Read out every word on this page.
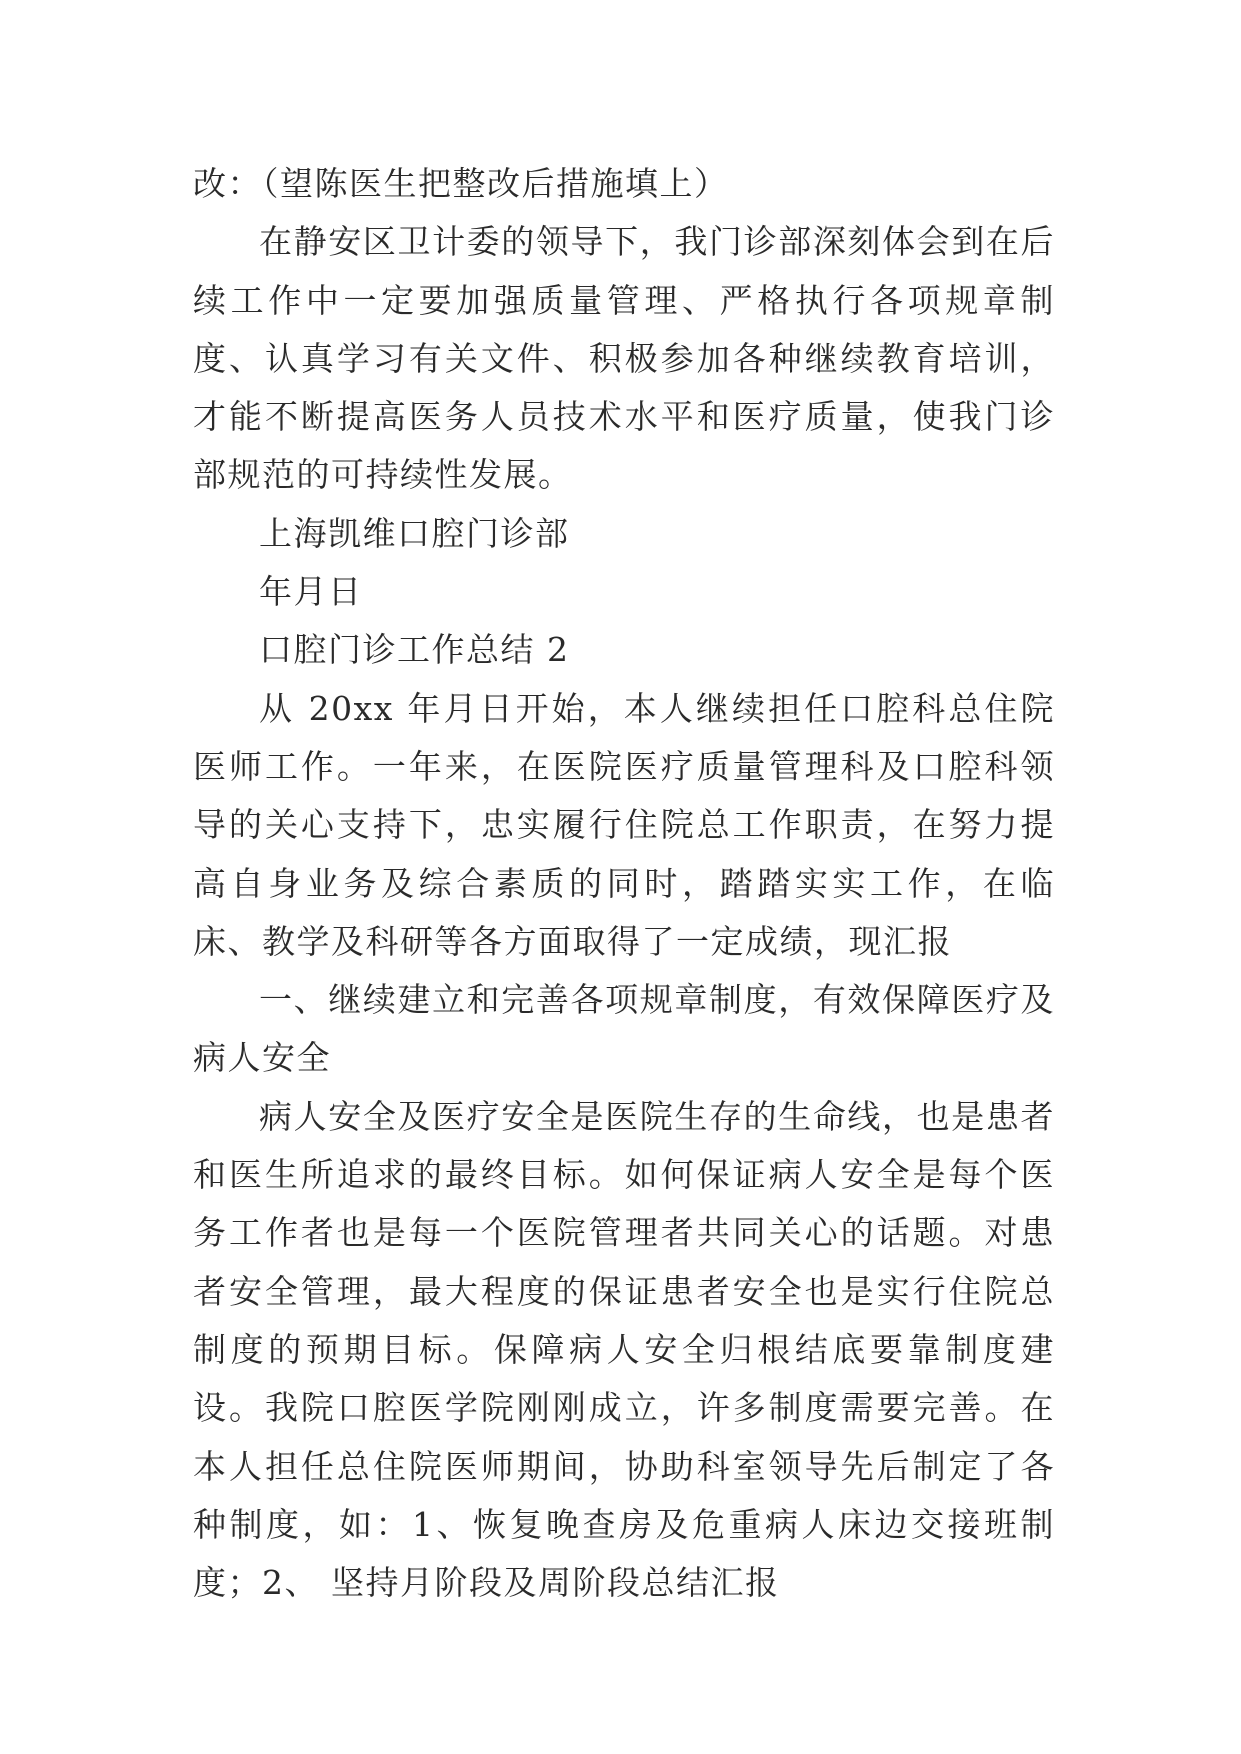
改：（望陈医生把整改后措施填上）

在静安区卫计委的领导下，我门诊部深刻体会到在后续工作中一定要加强质量管理、严格执行各项规章制度、认真学习有关文件、积极参加各种继续教育培训，才能不断提高医务人员技术水平和医疗质量，使我门诊部规范的可持续性发展。

上海凯维口腔门诊部

年月日

口腔门诊工作总结 2

从 20xx 年月日开始，本人继续担任口腔科总住院医师工作。一年来，在医院医疗质量管理科及口腔科领导的关心支持下，忠实履行住院总工作职责，在努力提高自身业务及综合素质的同时，踏踏实实工作，在临床、教学及科研等各方面取得了一定成绩，现汇报

一、继续建立和完善各项规章制度，有效保障医疗及病人安全

病人安全及医疗安全是医院生存的生命线，也是患者和医生所追求的最终目标。如何保证病人安全是每个医务工作者也是每一个医院管理者共同关心的话题。对患者安全管理，最大程度的保证患者安全也是实行住院总制度的预期目标。保障病人安全归根结底要靠制度建设。我院口腔医学院刚刚成立，许多制度需要完善。在本人担任总住院医师期间，协助科室领导先后制定了各种制度，如：1、恢复晚查房及危重病人床边交接班制度；2、 坚持月阶段及周阶段总结汇报
